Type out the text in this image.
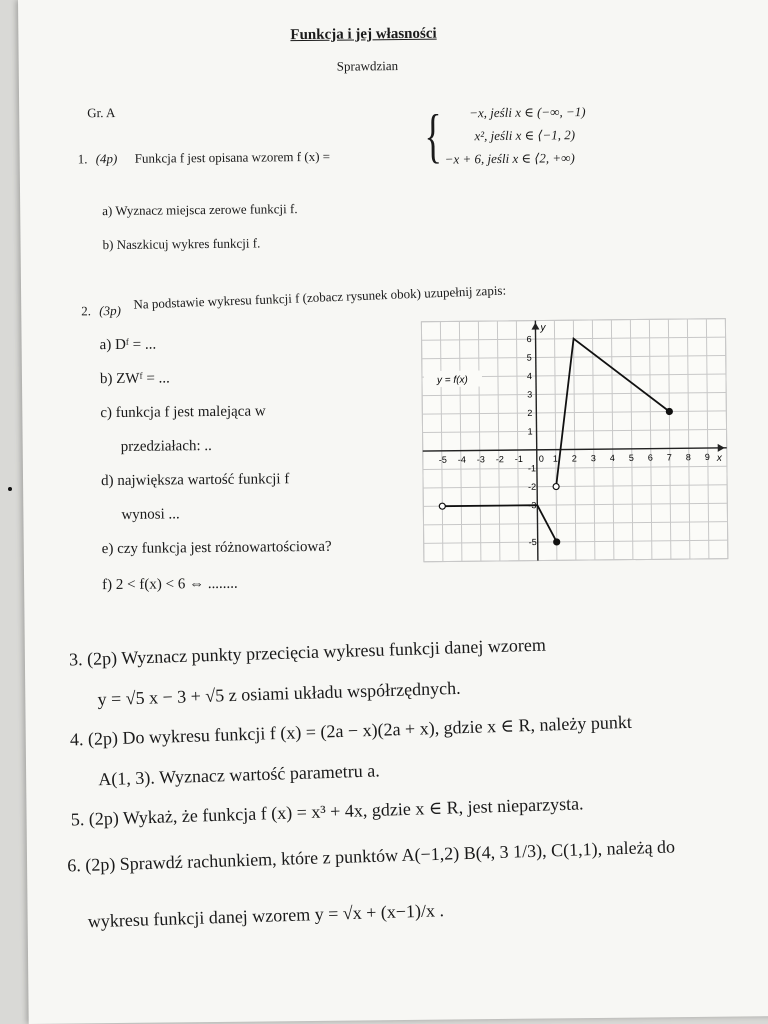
Funkcja i jej własności
Sprawdzian
Gr. A
1. (4p) Funkcja f jest opisana wzorem f (x) = { −x, jeśli x ∈ (−∞, −1)
x², jeśli x ∈ ⟨−1, 2)
−x + 6, jeśli x ∈ ⟨2, +∞)
a) Wyznacz miejsca zerowe funkcji f.
b) Naszkicuj wykres funkcji f.
2. (3p) Na podstawie wykresu funkcji f (zobacz rysunek obok) uzupełnij zapis:
a) Dᶠ = ...
b) ZWᶠ = ...
c) funkcja f jest malejąca w
przedziałach: ..
d) największa wartość funkcji f
wynosi ...
e) czy funkcja jest różnowartościowa?
f) 2 < f(x) < 6 ⇔ ........
x
y
0
-5 -4 -3 -2 -1	1 2 3 4 5 6 7 8 9
6
5
4
3
2
1
-1
-2
-3
-5
y = f(x)
3. (2p) Wyznacz punkty przecięcia wykresu funkcji danej wzorem
y = √5 x − 3 + √5 z osiami układu współrzędnych.
4. (2p) Do wykresu funkcji f (x) = (2a − x)(2a + x), gdzie x ∈ R, należy punkt
A(1, 3). Wyznacz wartość parametru a.
5. (2p) Wykaż, że funkcja f (x) = x³ + 4x, gdzie x ∈ R, jest nieparzysta.
6. (2p) Sprawdź rachunkiem, które z punktów A(−1,2) B(4, 3 1/3), C(1,1), należą do
wykresu funkcji danej wzorem y = √x + (x−1)/x .
